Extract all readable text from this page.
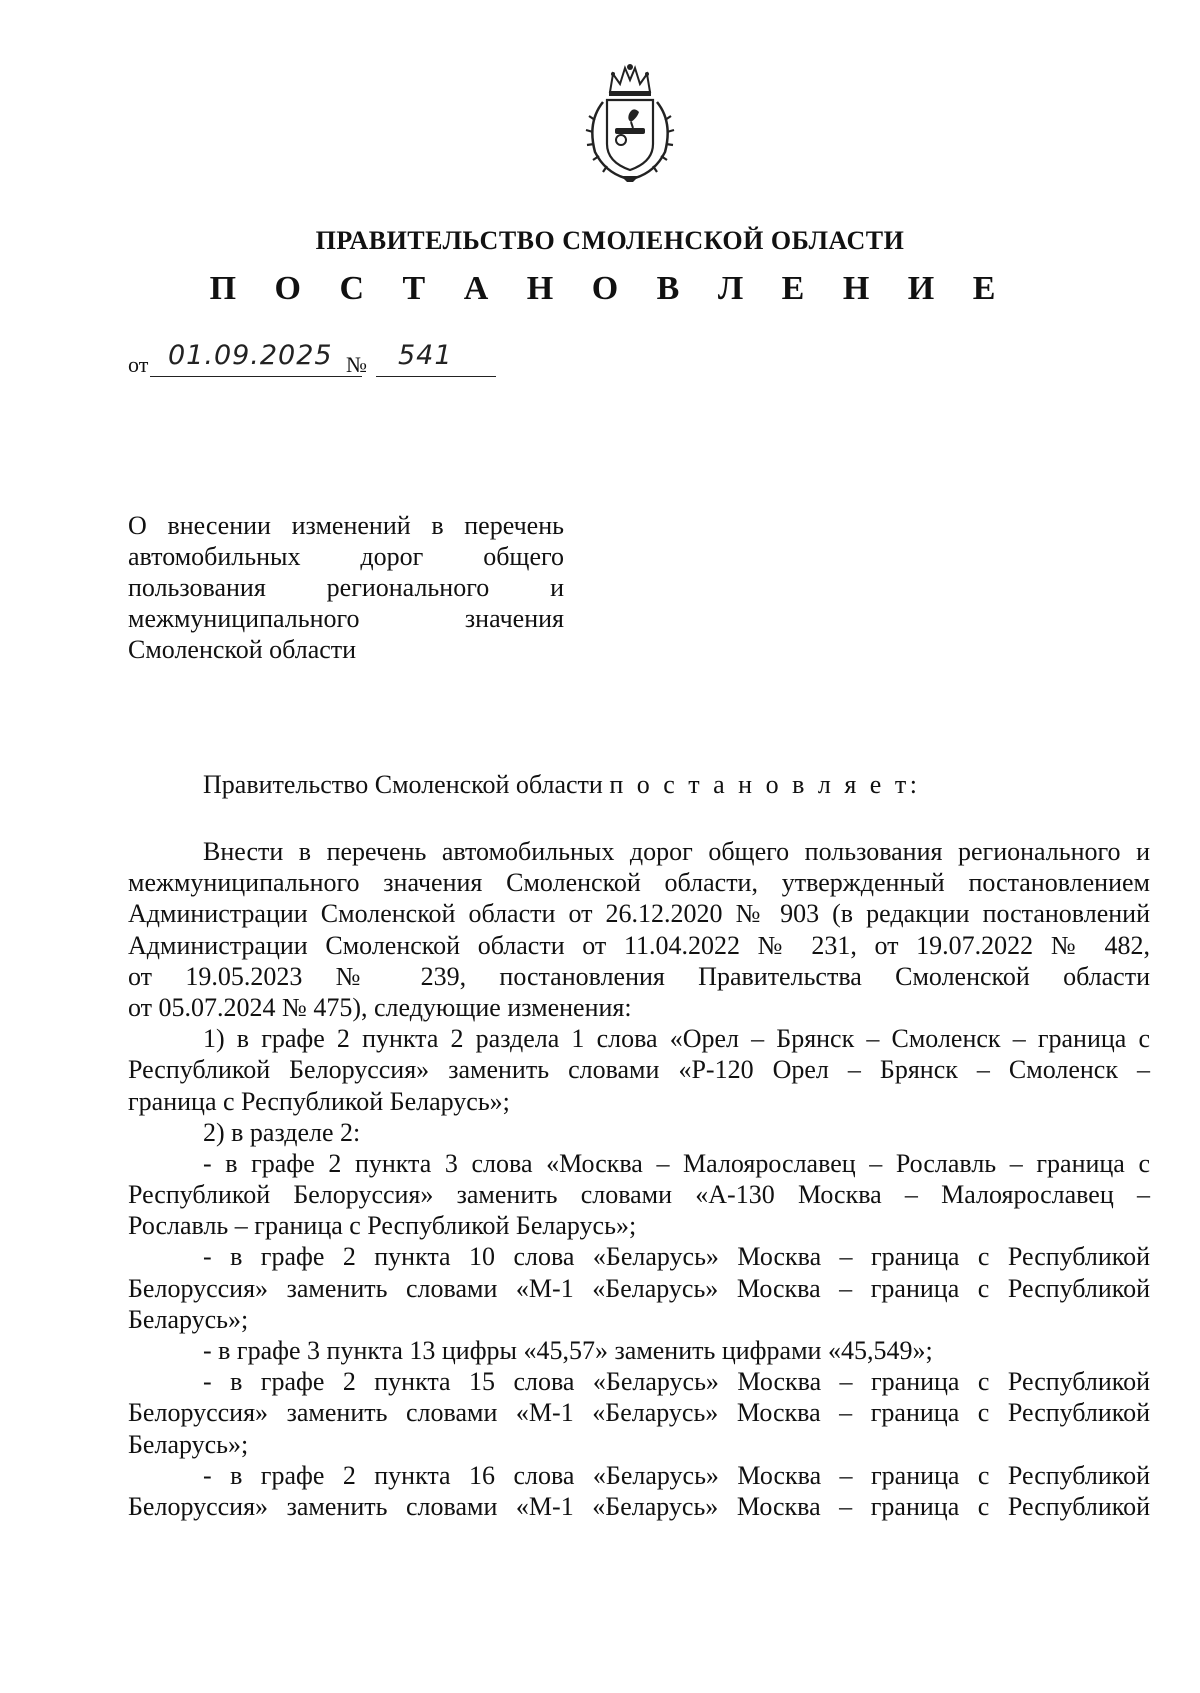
ПРАВИТЕЛЬСТВО СМОЛЕНСКОЙ ОБЛАСТИ
П О С Т А Н О В Л Е Н И Е
от 01.09.2025 № 541
О внесении изменений в перечень
автомобильных дорог общего
пользования регионального и
межмуниципального значения
Смоленской области
Правительство Смоленской области п о с т а н о в л я е т:
Внести в перечень автомобильных дорог общего пользования регионального и
межмуниципального значения Смоленской области, утвержденный постановлением
Администрации Смоленской области от 26.12.2020 № 903 (в редакции постановлений
Администрации Смоленской области от 11.04.2022 № 231, от 19.07.2022 № 482,
от 19.05.2023 № 239, постановления Правительства Смоленской области
от 05.07.2024 № 475), следующие изменения:
1) в графе 2 пункта 2 раздела 1 слова «Орел – Брянск – Смоленск – граница с
Республикой Белоруссия» заменить словами «Р-120 Орел – Брянск – Смоленск –
граница с Республикой Беларусь»;
2) в разделе 2:
- в графе 2 пункта 3 слова «Москва – Малоярославец – Рославль – граница с
Республикой Белоруссия» заменить словами «А-130 Москва – Малоярославец –
Рославль – граница с Республикой Беларусь»;
- в графе 2 пункта 10 слова «Беларусь» Москва – граница с Республикой
Белоруссия» заменить словами «М-1 «Беларусь» Москва – граница с Республикой
Беларусь»;
- в графе 3 пункта 13 цифры «45,57» заменить цифрами «45,549»;
- в графе 2 пункта 15 слова «Беларусь» Москва – граница с Республикой
Белоруссия» заменить словами «М-1 «Беларусь» Москва – граница с Республикой
Беларусь»;
- в графе 2 пункта 16 слова «Беларусь» Москва – граница с Республикой
Белоруссия» заменить словами «М-1 «Беларусь» Москва – граница с Республикой
